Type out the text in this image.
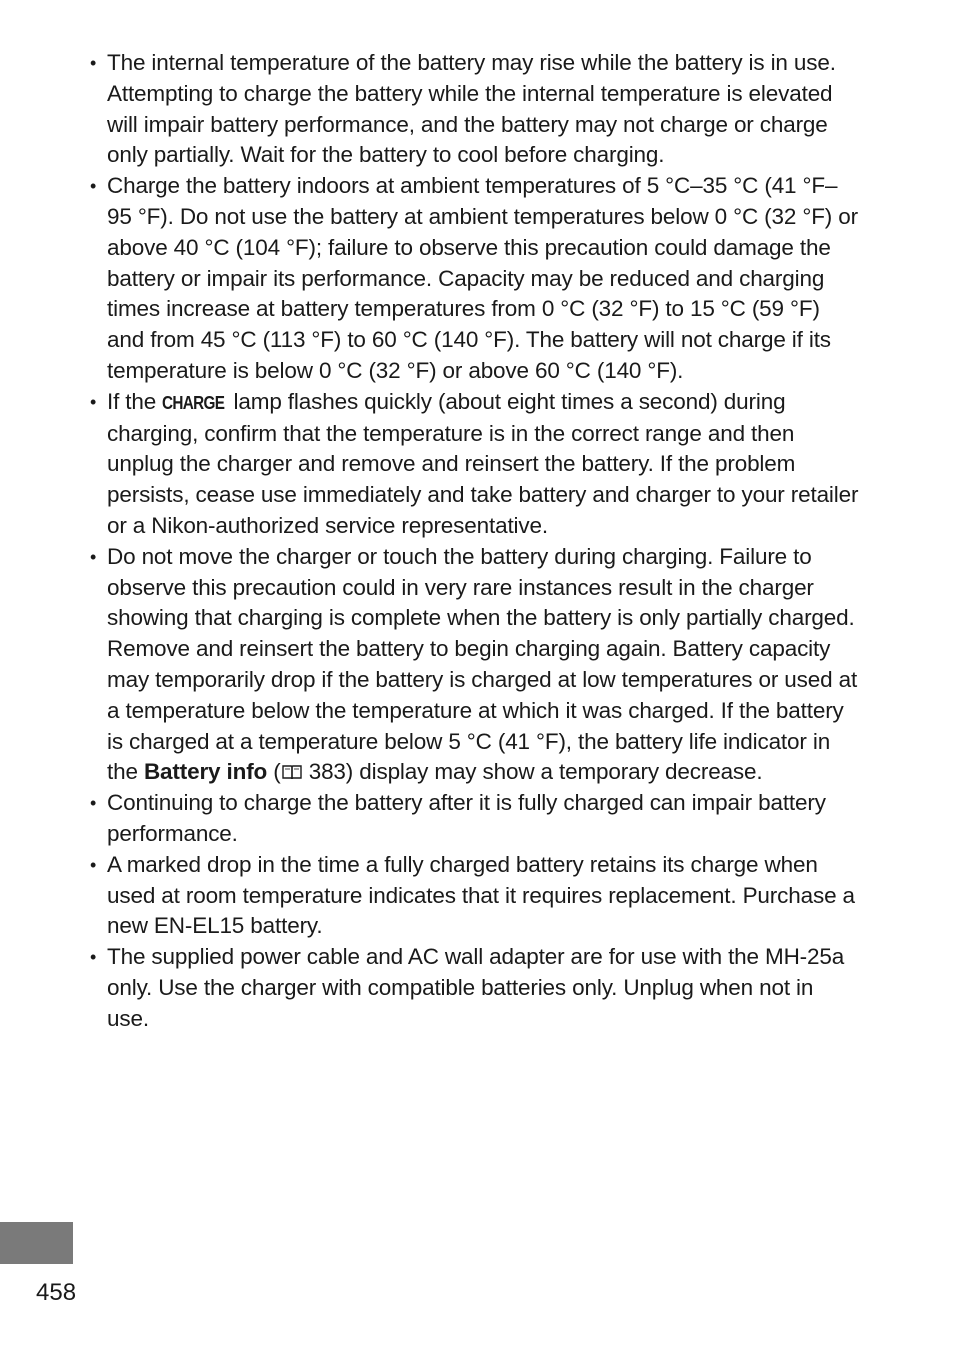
• The internal temperature of the battery may rise while the battery is in use. Attempting to charge the battery while the internal temperature is elevated will impair battery performance, and the battery may not charge or charge only partially. Wait for the battery to cool before charging.
• Charge the battery indoors at ambient temperatures of 5 °C–35 °C (41 °F–95 °F). Do not use the battery at ambient temperatures below 0 °C (32 °F) or above 40 °C (104 °F); failure to observe this precaution could damage the battery or impair its performance. Capacity may be reduced and charging times increase at battery temperatures from 0 °C (32 °F) to 15 °C (59 °F) and from 45 °C (113 °F) to 60 °C (140 °F). The battery will not charge if its temperature is below 0 °C (32 °F) or above 60 °C (140 °F).
• If the CHARGE lamp flashes quickly (about eight times a second) during charging, confirm that the temperature is in the correct range and then unplug the charger and remove and reinsert the battery. If the problem persists, cease use immediately and take battery and charger to your retailer or a Nikon-authorized service representative.
• Do not move the charger or touch the battery during charging. Failure to observe this precaution could in very rare instances result in the charger showing that charging is complete when the battery is only partially charged. Remove and reinsert the battery to begin charging again. Battery capacity may temporarily drop if the battery is charged at low temperatures or used at a temperature below the temperature at which it was charged. If the battery is charged at a temperature below 5 °C (41 °F), the battery life indicator in the Battery info ( 383) display may show a temporary decrease.
• Continuing to charge the battery after it is fully charged can impair battery performance.
• A marked drop in the time a fully charged battery retains its charge when used at room temperature indicates that it requires replacement. Purchase a new EN-EL15 battery.
• The supplied power cable and AC wall adapter are for use with the MH-25a only. Use the charger with compatible batteries only. Unplug when not in use.
458
